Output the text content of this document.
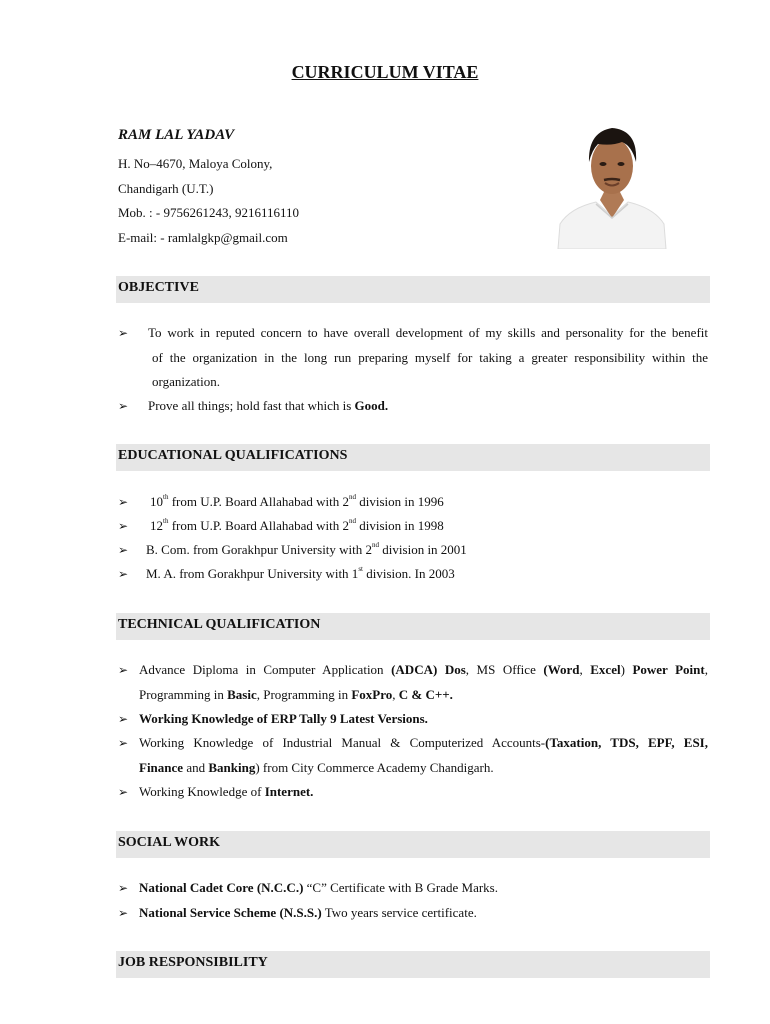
CURRICULUM VITAE
RAM LAL YADAV
H. No–4670, Maloya Colony,
Chandigarh (U.T.)
Mob. : - 9756261243, 9216116110
E-mail: - ramlalgkp@gmail.com
OBJECTIVE
➢ To work in reputed concern to have overall development of my skills and personality for the benefit
of the organization in the long run preparing myself for taking a greater responsibility within the
organization.
➢ Prove all things; hold fast that which is Good.
EDUCATIONAL QUALIFICATIONS
➢ 10th from U.P. Board Allahabad with 2nd division in 1996
➢ 12th from U.P. Board Allahabad with 2nd division in 1998
➢ B. Com. from Gorakhpur University with 2nd division in 2001
➢ M. A. from Gorakhpur University with 1st division. In 2003
TECHNICAL QUALIFICATION
➢ Advance Diploma in Computer Application (ADCA) Dos, MS Office (Word, Excel) Power Point,
Programming in Basic, Programming in FoxPro, C & C++.
➢ Working Knowledge of ERP Tally 9 Latest Versions.
➢ Working Knowledge of Industrial Manual & Computerized Accounts-(Taxation, TDS, EPF, ESI,
Finance and Banking) from City Commerce Academy Chandigarh.
➢ Working Knowledge of Internet.
SOCIAL WORK
➢ National Cadet Core (N.C.C.) “C” Certificate with B Grade Marks.
➢ National Service Scheme (N.S.S.) Two years service certificate.
JOB RESPONSIBILITY
